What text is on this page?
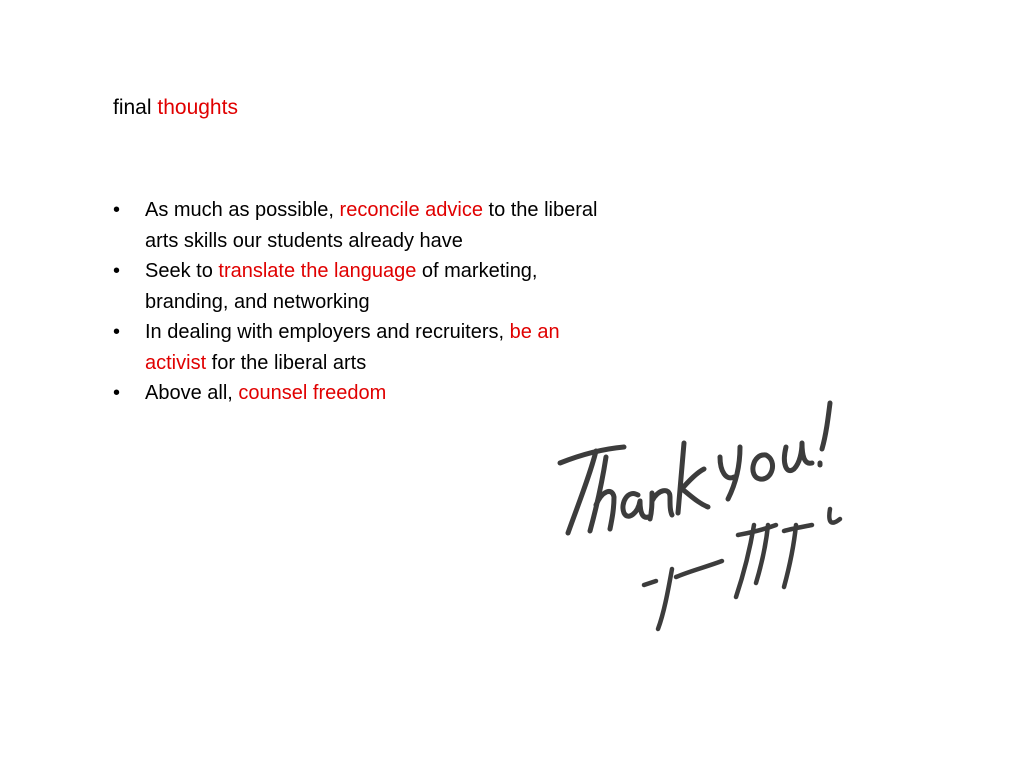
final thoughts
• As much as possible, reconcile advice to the liberal arts skills our students already have
• Seek to translate the language of marketing, branding, and networking
• In dealing with employers and recruiters, be an activist for the liberal arts
• Above all, counsel freedom
